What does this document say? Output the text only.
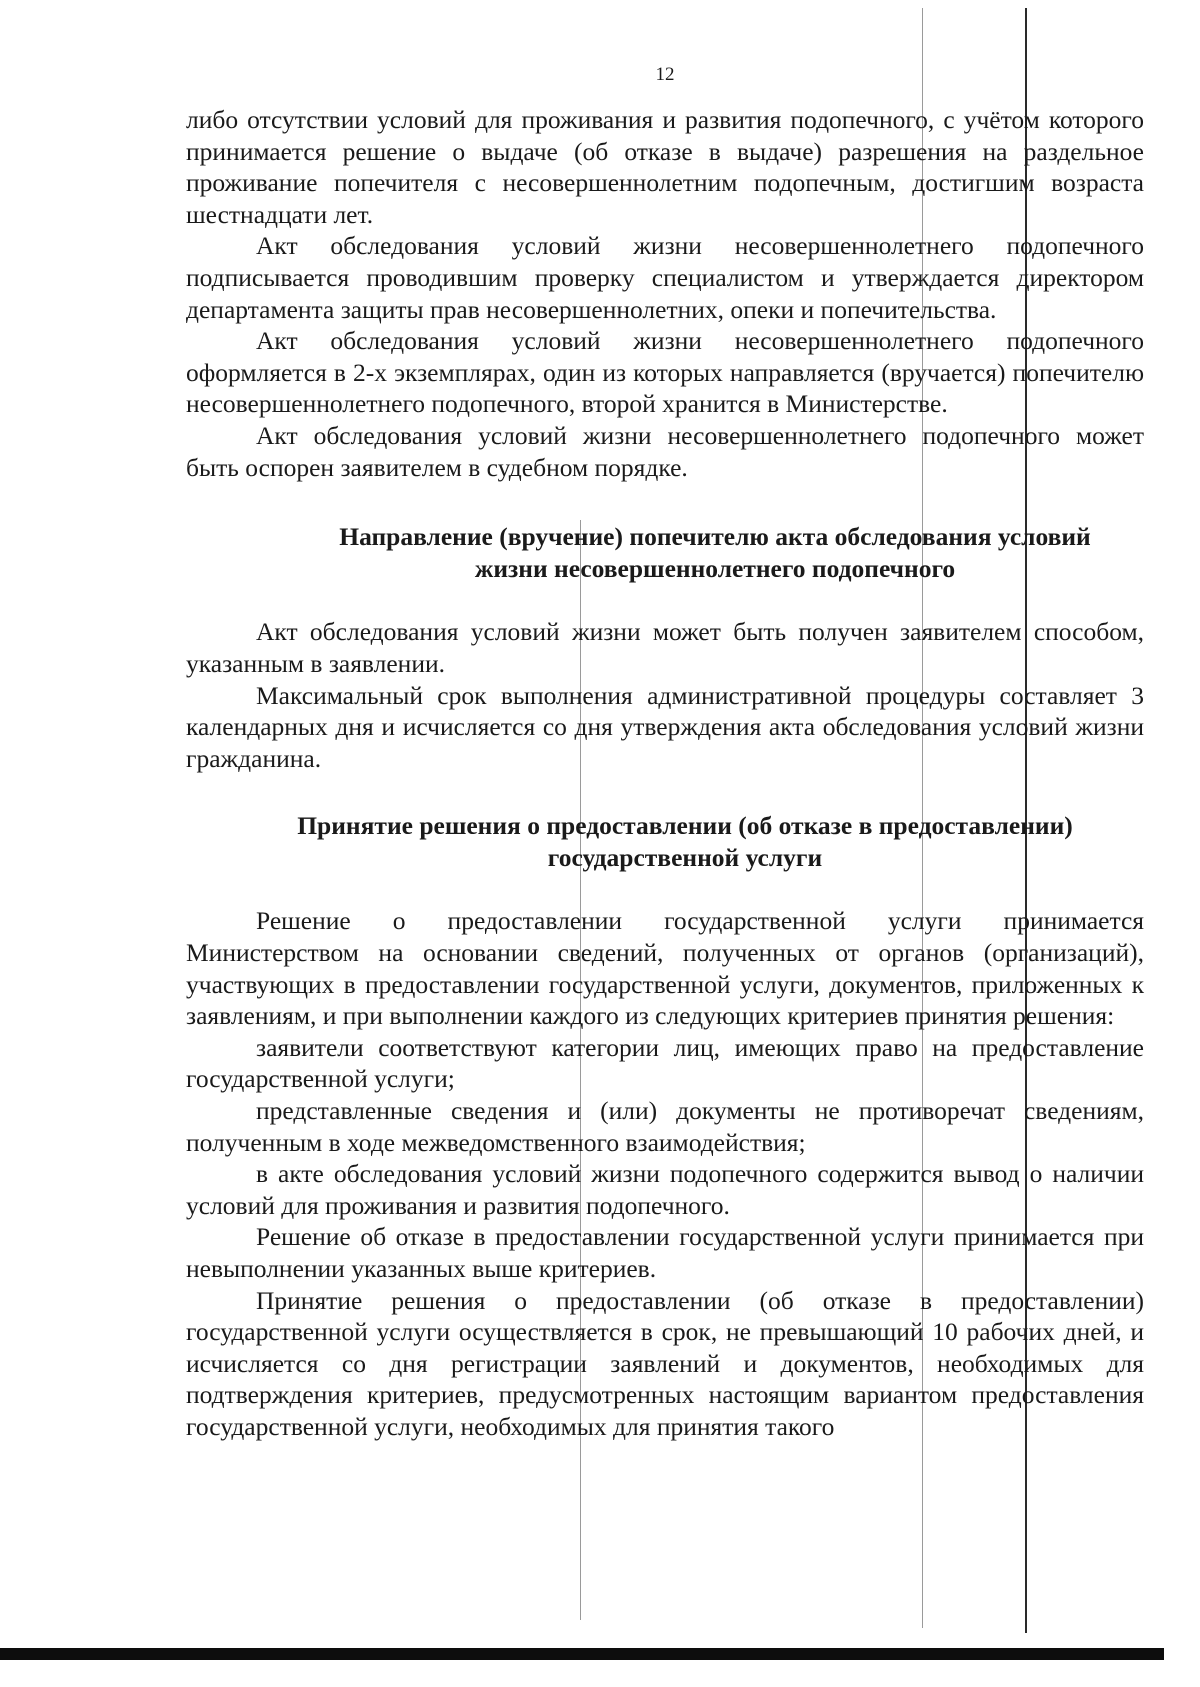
12

либо отсутствии условий для проживания и развития подопечного, с учётом которого принимается решение о выдаче (об отказе в выдаче) разрешения на раздельное проживание попечителя с несовершеннолетним подопечным, достигшим возраста шестнадцати лет.

Акт обследования условий жизни несовершеннолетнего подопечного подписывается проводившим проверку специалистом и утверждается директором департамента защиты прав несовершеннолетних, опеки и попечительства.

Акт обследования условий жизни несовершеннолетнего подопечного оформляется в 2-х экземплярах, один из которых направляется (вручается) попечителю несовершеннолетнего подопечного, второй хранится в Министерстве.

Акт обследования условий жизни несовершеннолетнего подопечного может быть оспорен заявителем в судебном порядке.

Направление (вручение) попечителю акта обследования условий
жизни несовершеннолетнего подопечного

Акт обследования условий жизни может быть получен заявителем способом, указанным в заявлении.

Максимальный срок выполнения административной процедуры составляет 3 календарных дня и исчисляется со дня утверждения акта обследования условий жизни гражданина.

Принятие решения о предоставлении (об отказе в предоставлении)
государственной услуги

Решение о предоставлении государственной услуги принимается Министерством на основании сведений, полученных от органов (организаций), участвующих в предоставлении государственной услуги, документов, приложенных к заявлениям, и при выполнении каждого из следующих критериев принятия решения:

заявители соответствуют категории лиц, имеющих право на предоставление государственной услуги;

представленные сведения и (или) документы не противоречат сведениям, полученным в ходе межведомственного взаимодействия;

в акте обследования условий жизни подопечного содержится вывод о наличии условий для проживания и развития подопечного.

Решение об отказе в предоставлении государственной услуги принимается при невыполнении указанных выше критериев.

Принятие решения о предоставлении (об отказе в предоставлении) государственной услуги осуществляется в срок, не превышающий 10 рабочих дней, и исчисляется со дня регистрации заявлений и документов, необходимых для подтверждения критериев, предусмотренных настоящим вариантом предоставления государственной услуги, необходимых для принятия такого
